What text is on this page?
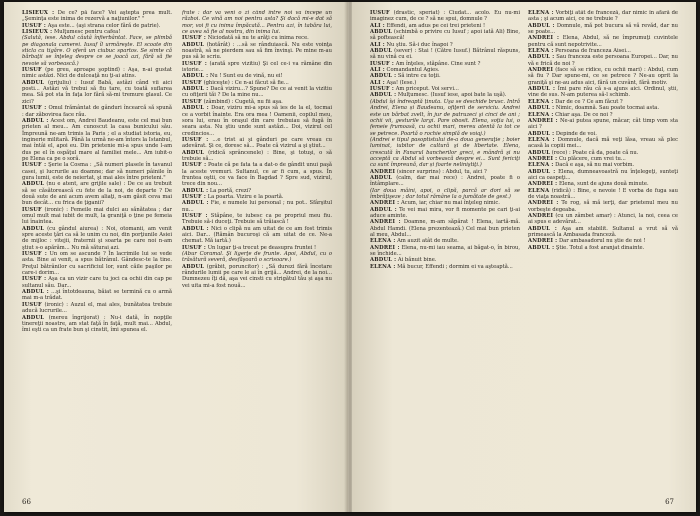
LISIEUX : De ce? pă face? Vei aştepta prea mult. „Şeminţa este inima de rezervă a naţiunilor." "

IUSUF : Aşa este... (aşi strana celor fără de patrie).

LISIEUX : Mulţumesc pentru cafea!

(Salută, iese. Abdul câutâ înfierbântat. Face, se plimbă pe diagonala camerei. Iusuf îl urmăreşte. El scoate din sticla cu tigăre. O oferă un ciubuc spartos. Se simte că bărbaţii se înţeleg despre ce se joacă azi, fără să fie nevoie să vorbească.)

IUSUF (pe greu, aproape şoptind) : Aşa, n-ai gustat nimic astăzi. Nici de dulceaţă nu ţi-ai atins.

ABDUL (grijuliu) : Iusuf Babă, astăzi când vii aici posti... Astăzi vă trebui să fiu tare, cu toată suflarea mea. Să pot sta în faţa lor fără să-mi tremure glasul. Ce zici?

IUSUF : Omul frământat de gânduri încearcă să spună : dar zăbovirea face rău.

ABDUL : Acest om, Andrei Baudeanu, este cel mai bun prieten al meu... Am cunoscut la casa bunicului său. Împreună ne-am trimis la Paris ; el a studiat istoria, eu, inginerie militară. Până la urmă ne-am întors la Istanbul, mai întâi el, apoi eu. Din prietenie mi-a spus unde l-am dus pe el în ospăţul mare al familiei mele... Am iubit-o pe Elena ca pe o soră.

IUSUF : Şerie la Cosma : „Să numeri plasele în tavanul casei, şi lucrurile au doamne; dar să numeri pâinile în gura lumii, este de neiertat, şi mai ales între prieteni."

ABDUL (nu e atent, are grijile sale) : De ce au trebuit să se căsătorească cu fete de la noi, de departe ? De două sute de ani acum avem aliaţi, n-am găsit ceva mai bun decât... cu frica de ţiganii?

IUSUF (ironic) : Femeile mai dulci au sănătatea ; dar omul mult mai iubit de mult, la graniţă o ţine pe femeia lui înaintea.

ABDUL (cu gândul aiurea) : Noi, otomanii, am venit spre aceste ţări ca să le unim cu noi, din porţiunile Asiei de mijloc : vitejii, fraternii şi soarta pe care noi n-am ştiut s-o apărăm... Nu mă săturai azi.

IUSUF : Un om se ascunde ? În lacrimile lui se vede asta. Bine ai venit, a spus bătrânul. Gândesc-te la tine. Preţul bătrânilor cu sacrificiul lor, sunt căile paşilor pe care-i dorim...

IUSUF : Aşa ca un vizir care tu joci ca ochii din cap pe sultanul său. Dar...

ABDUL : ...şi întotdeauna, băiat se termină cu o armă mai m-a trădat.

IUSUF (ironic) : Auzul el, mai ales, bunătatea trebuie aducă lucrurile...

ABDUL (mereu îngrijorat) : Nu-i dată, în nopţile tinereţii noastre, am stat faţă în faţă, mult mai... Abdul, îmi eşti ca un frate bun şi cinstit, îmi spunea el.

frate : dar va veni o zi când între noi va începe un război. Ce vină am noi pentru asta? Şi dacă mi-e dat să mor, voi fi cu inima împăcată... Pentru azi, în tabăra lui, ce avea să fie al nostru, din inima lui.

IUSUF : Niciodată să nu te arăţi cu inima rece.

ABDUL (hotărât) : ...să se rânduiască. Nu este voinţa noastră, să ne pierdem sau să fim învinşi. Pe mine m-au pus să le scriu.

IUSUF : (arată spre vizitiu) Şi cel ce-i va rămâne din istorie...

ABDUL : Nu ! Sunt eu de vină, nu ei!

IUSUF (ghiceşte) : Ce n-ai făcut să fie...

ABDUL : Dacă viziru...? Spune? De ce ai venit la vizitiu cu ofiţerii tăi ? De la mine nu...

IUSUF (zâmbind) : Cugetă, nu fii aşa.

ABDUL : Doar, viziru mi-a spus să ies de la el, tocmai ce a vorbit înainte. Era ora mea ! Oamenii, copilul meu, sora lui, erau în oraşul din care trebuiau să fugă în seara asta. Nu ştiu unde sunt astăzi... Doi, vizirul cel credincios...

IUSUF : ...e trist ai şi gânduri pe care vreau cu adevărat. Şi ce, doresc să... Poate că vizirul a şi ştiut...

ABDUL (ridică sprâncenele) : Bine, şi totuşi, o să trebuie să...

IUSUF : Poate că pe fata ta a dat-o de gândit unui paşă la aceste vremuri. Sultanul, ce ar fi cum, a spus. În fruntea oştii, ce va face în Bagdad ? Spre sud, vizirul, trece din nou...

ABDUL : La portă, crezi?

IUSUF : La poarta. Viziru e la poartă.

ABDUL : Fie, e numele lui personal ; nu pot.. Sfârşitul nu...

IUSUF : Stăpâne, te iubesc ca pe propriul meu fiu. Trebuie să-i duceţi. Trebuie să trăiască !

ABDUL : Nici o clipă nu am uitat de ce am fost trimis aici. Dar... (Rămân bucuroşi că am uitat de ce. Ne-a chemat. Mă iartă.)

IUSUF : Un lugar ţi-a trecut pe deasupra fruntei !

(Abur Coramal. Şi ligerţe de frunte. Apoi, Abdul, cu o trăsătură severă, desfăşoară o scrisoare.)

ABDUL (grăbit, poruncitor) : „Să durezi fără încetare rândurile lumii pe care le ai în grijă... Andrei, de la noi... Dumnezeu îţi dă, aşa vei cinsti cu strigătul tău și aşa nu vei uita mi-a fost nouă...

66

IUSUF (drastic, speriat) : Ciudat... acolo. Eu nu-mi imaginez cum, de ce ? să ne spui, domnule ?

ALI : Effendi, am adus pe cei trei prieteni !

ABDUL (schimbă o privire cu Iusuf ; apoi iată Ali) Bine, să poftească!

ALI : Nu ştiu. Să-i duc înapoi ?

ABDUL (sever) : Stai ! (Către Iusuf.) Bătrânul răspuns, să nu vină cu ei.

IUSUF : Am înţeles, stăpâne. Cine sunt ?

ALI : Comandantul Agies.

ABDUL : Să intre cu toţii.

ALI : Aşa! (Iese.)

IUSUF : Am priceput. Voi servi...

ABDUL : Mulţumesc. (Iusuf iese, apoi bate la uşă).

(Abdul își îndreaptă ținuta. Uşa se deschide brusc. Intră Andrei, Elena și Baudeanu, ofiţerii de serviciu. Andrei este un bărbat zvelt, în jur de patruzeci şi cinci de ani ; ochii vii, gesturile largi. Pare obosit. Elena, soţia lui, o femeie frumoasă, cu ochii mari, mereu atentă la tot ce se petrece. Poartă o rochie simplă de voiaj.)

(Andrei e tipul pasoptistului de-a doua generaţie ; boier luminat, iubitor de cultură şi de libertate. Elena, crescută în Fanarul bancherilor greci, e mândră şi nu acceptă ca Abdul să vorbească despre ei... Sunt fericiţi ca sunt împreună, dar și foarte neliniştiţi.)

ANDREI (sincer surprins) : Abdul, tu, aici ?

ABDUL (calm, dar mai rece) : Andrei, poate fi o întâmplare...

(Iar doua mâini, apoi, o clipă, parcă ar dori să se îmbrăţişeze ; dar totul rămâne la o jumătate de gest.)

ANDREI : Acum, iar, chiar nu mai înţeleg nimic.

ABDUL : Te vei mai mira, vor fi momente pe cari ţi-ai aduce aminte.

ANDREI : Doamne, m-am săpărat ! Elena, iartă-mă. Abdul Hamdi. (Elena prezentează.) Cel mai bun prieten al meu, Abdul...

ELENA : Am auzit atât de multe.

ANDREI : Elena, nu-mi iau seama, ai băgat-o, în birou, se închide...

ABDUL : Ai bănuit bine.

ELENA : Mă bucur, Effendi ; dormim ei va aşteaptă...

ELENA : Vorbiţi atât de franceză, dar nimic în afară de asta ; şi acum aici, ce ne trebuie ?

ABDUL : Domnule, mă pot bucura să vă revăd, dar nu se poate...

ANDREI : Elena, Abdul, să ne împrumuţi cuvintele pentru că sunt nepotrivite...

ELENA : Persoana de franceza Aisei...

ABDUL : Sau franceza este persoana Europei... Dar, nu vă e frică de noi ?

ANDREI (face să se ridice, cu ochii mari) : Abdul, cum să fiu ? Dar spune-mi, ce se petrece ? Ne-au oprit la graniţă şi ne-au adus aici, fără un cuvânt, fără motiv.

ABDUL : Îmi pare rău că s-a ajuns aici. Ordinul, ştii, vine de sus. N-am puterea să-l schimb.

ELENA : Dar de ce ? Ce am făcut ?

ABDUL : Nimic, doamnă. Sau poate tocmai asta.

ELENA : Chiar aşa. De ce noi ?

ANDREI : Ne-ai putea spune, măcar, cât timp vom sta aici ?

ABDUL : Depinde de voi.

ELENA : Domnule, dacă mă veţi lăsa, vreau să plec acasă la copiii mei...

ABDUL (rece) : Poate că da, poate că nu.

ANDREI : Cu plăcere, cum vrei tu...

ELENA : Dacă e aşa, să nu mai vorbim.

ABDUL : Elena, dumneavoastră nu înţelegeţi, sunteţi aici ca oaspeţi...

ANDREI : Elena, sunt de ajuns două minute.

ELENA (ridică) : Bine, e nevoie ! E vorba de fuga sau de viaţa noastră...

ANDREI : Te rog, să mă ierţi, dar prietenul meu nu vorbeşte degeaba.

ANDREI (cu un zâmbet amar) : Atunci, la noi, ceea ce ai spus e adevărat...

ABDUL : Aşa am stabilit. Sultanul a vrut să vă primească la Ambasada franceză.

ANDREI : Dar ambasadorul nu ştie de noi !

ABDUL : Ştie. Totul a fost aranjat dinainte.

67
